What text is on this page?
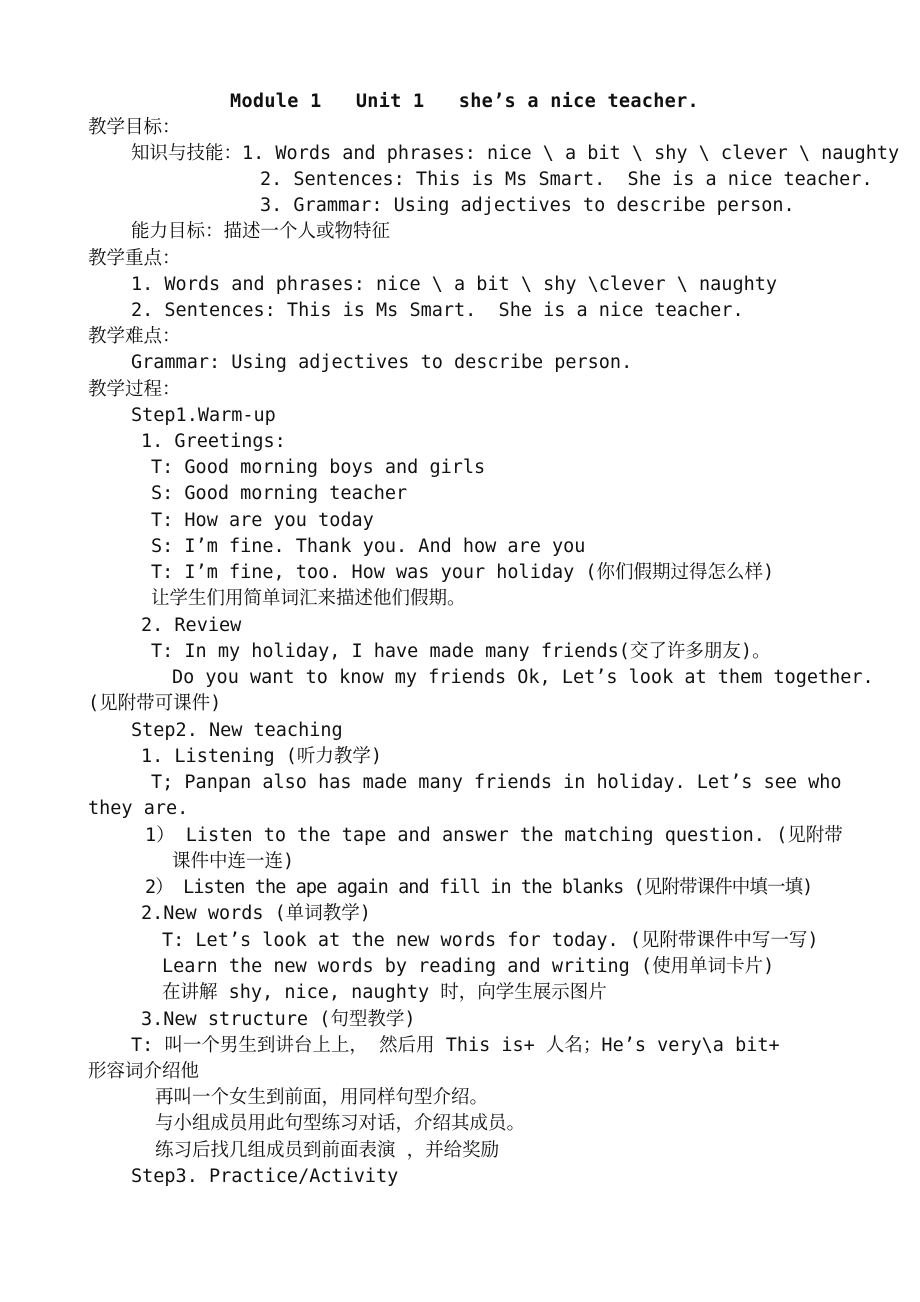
Module 1   Unit 1   she’s a nice teacher.
教学目标：
知识与技能：1. Words and phrases: nice \ a bit \ shy \ clever \ naughty
2. Sentences: This is Ms Smart.  She is a nice teacher.
3. Grammar: Using adjectives to describe person.
能力目标：描述一个人或物特征
教学重点：
1. Words and phrases: nice \ a bit \ shy \clever \ naughty
2. Sentences: This is Ms Smart.  She is a nice teacher.
教学难点：
Grammar: Using adjectives to describe person.
教学过程：
Step1.Warm-up
1. Greetings:
T: Good morning boys and girls
S: Good morning teacher
T: How are you today
S: I’m fine. Thank you. And how are you
T: I’m fine, too. How was your holiday (你们假期过得怎么样)
让学生们用简单词汇来描述他们假期。
2. Review
T: In my holiday, I have made many friends(交了许多朋友)。
Do you want to know my friends Ok, Let’s look at them together.
(见附带可课件)
Step2. New teaching
1. Listening (听力教学)
T; Panpan also has made many friends in holiday. Let’s see who
they are.
1） Listen to the tape and answer the matching question. (见附带
课件中连一连)
2） Listen the ape again and fill in the blanks (见附带课件中填一填)
2.New words (单词教学)
T: Let’s look at the new words for today. (见附带课件中写一写)
Learn the new words by reading and writing (使用单词卡片)
在讲解 shy, nice, naughty 时，向学生展示图片
3.New structure (句型教学)
T: 叫一个男生到讲台上上， 然后用 This is+ 人名；He’s very\a bit+
形容词介绍他
再叫一个女生到前面，用同样句型介绍。
与小组成员用此句型练习对话，介绍其成员。
练习后找几组成员到前面表演 ，并给奖励
Step3. Practice/Activity
